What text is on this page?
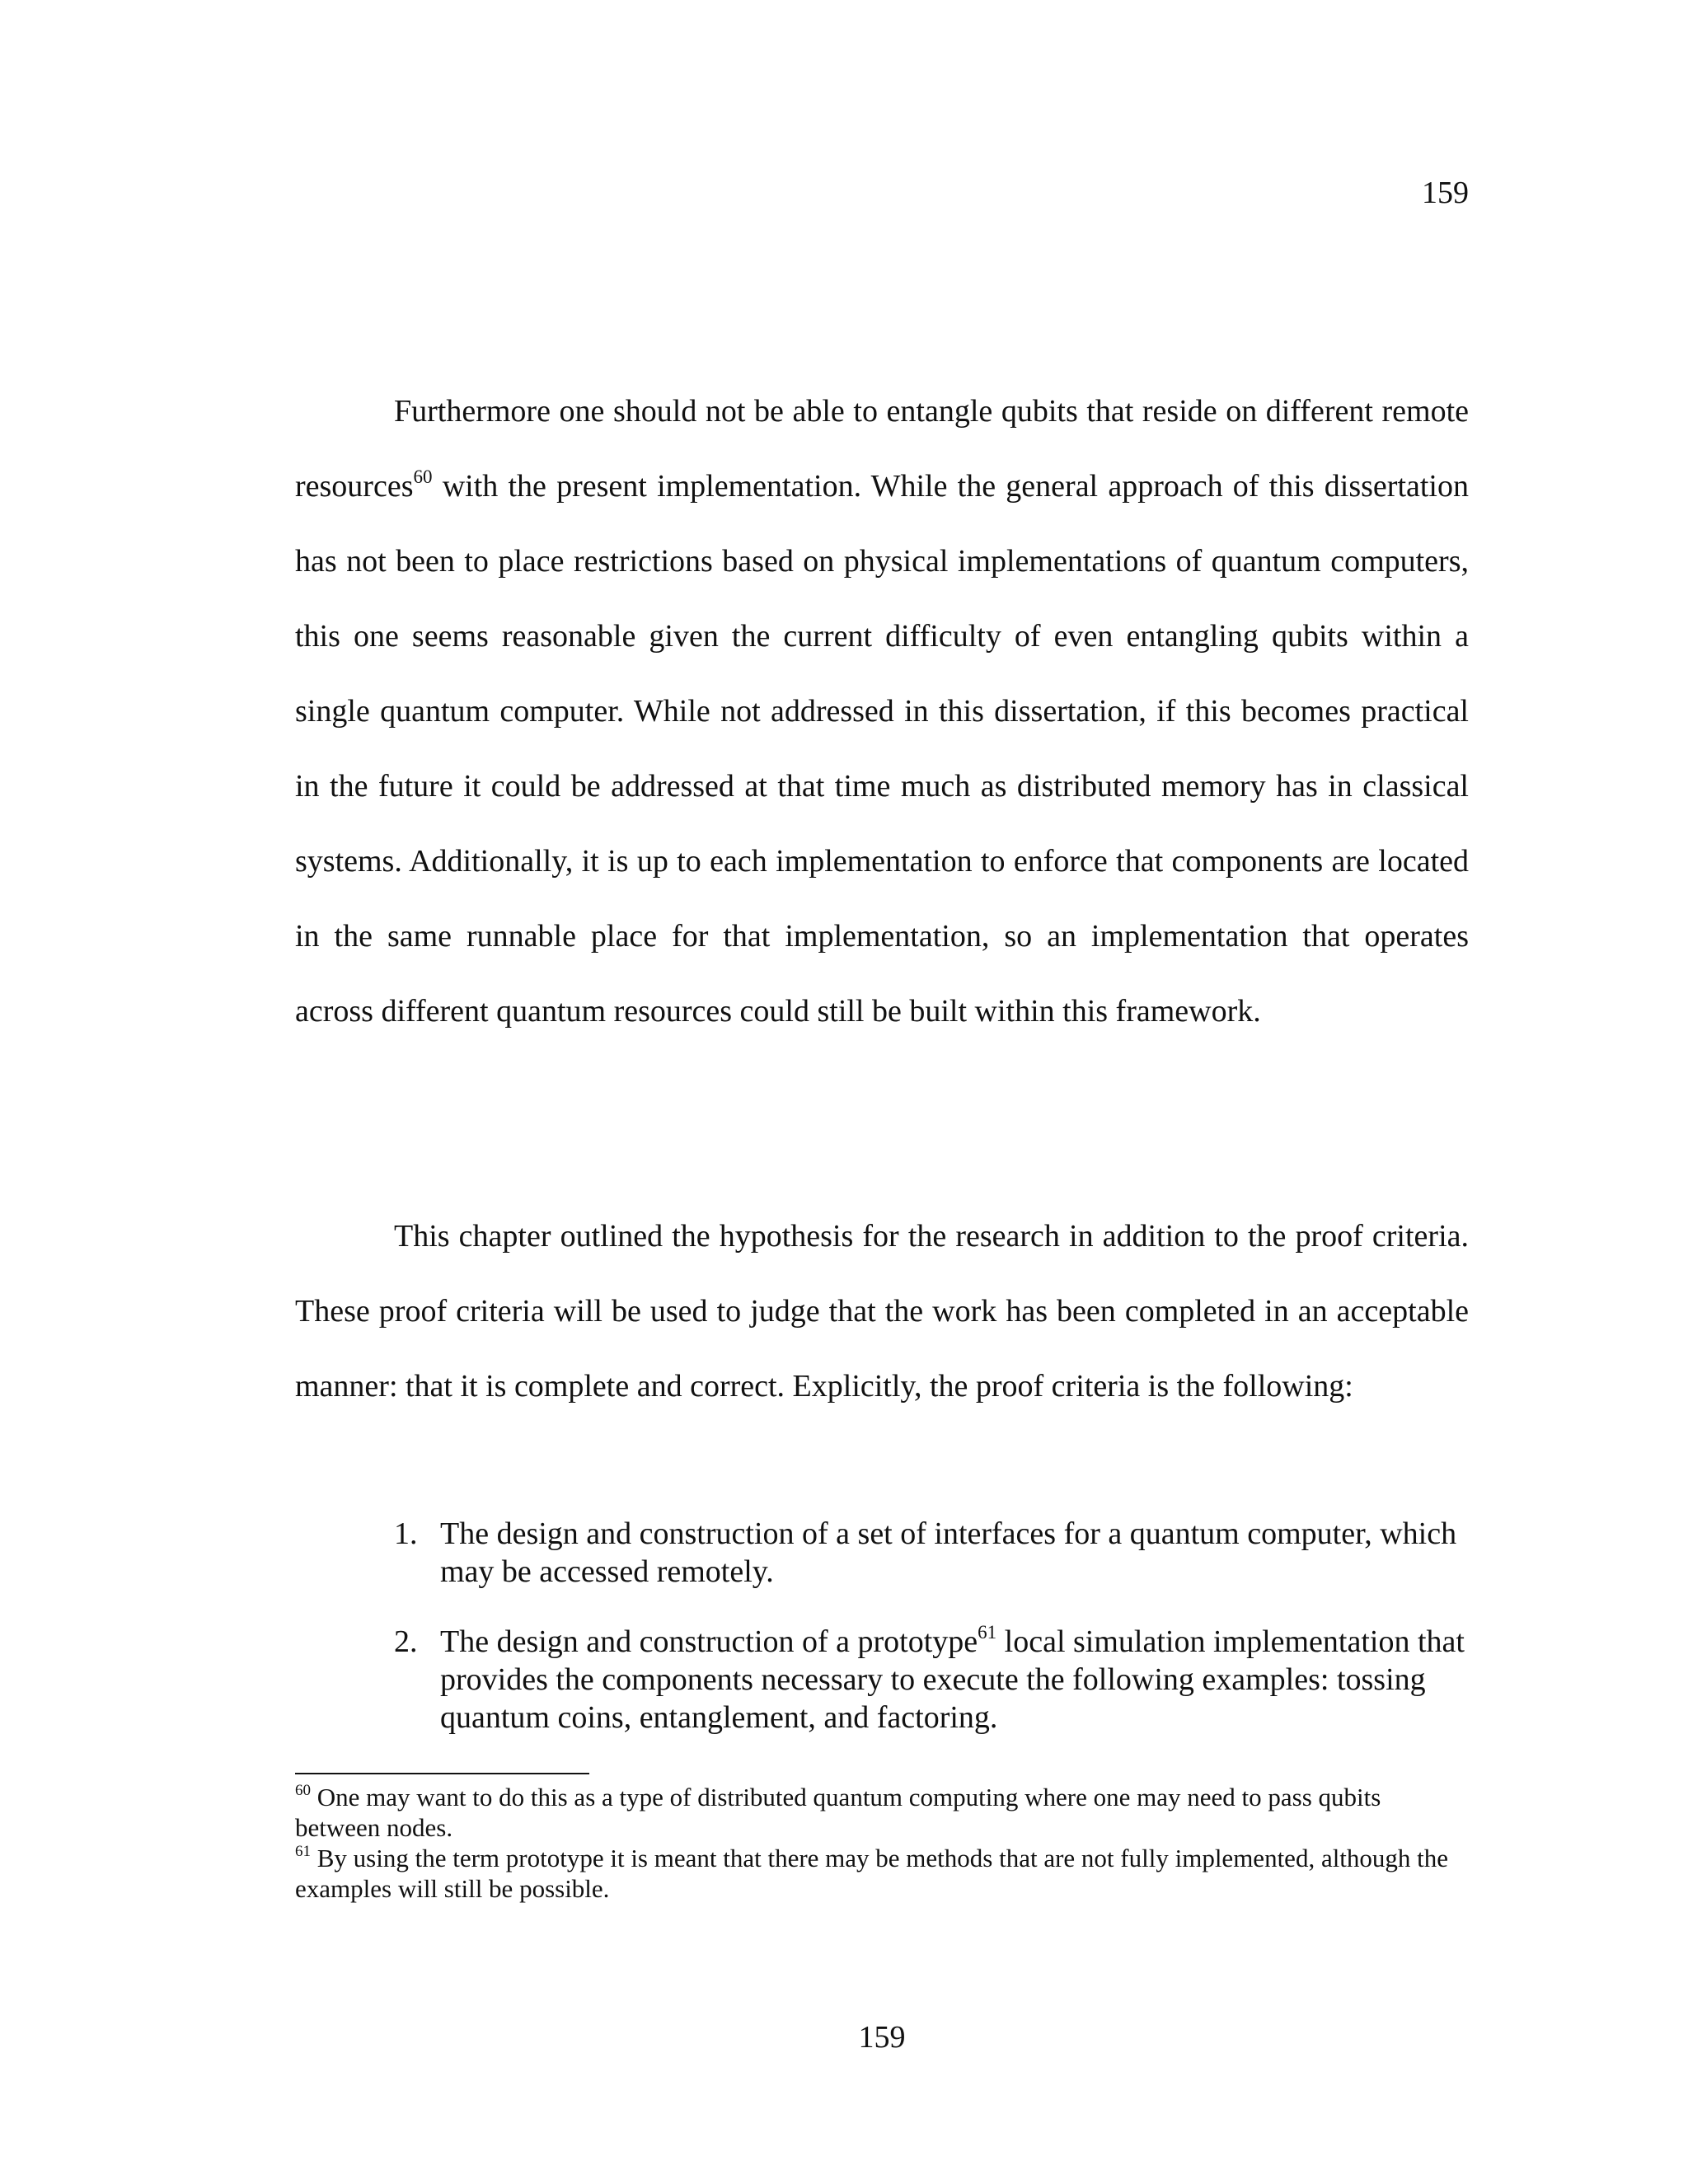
159

Furthermore one should not be able to entangle qubits that reside on different remote resources$^{60}$ with the present implementation. While the general approach of this dissertation has not been to place restrictions based on physical implementations of quantum computers, this one seems reasonable given the current difficulty of even entangling qubits within a single quantum computer. While not addressed in this dissertation, if this becomes practical in the future it could be addressed at that time much as distributed memory has in classical systems. Additionally, it is up to each implementation to enforce that components are located in the same runnable place for that implementation, so an implementation that operates across different quantum resources could still be built within this framework.

This chapter outlined the hypothesis for the research in addition to the proof criteria. These proof criteria will be used to judge that the work has been completed in an acceptable manner: that it is complete and correct. Explicitly, the proof criteria is the following:

1. The design and construction of a set of interfaces for a quantum computer, which may be accessed remotely.
2. The design and construction of a prototype$^{61}$ local simulation implementation that provides the components necessary to execute the following examples: tossing quantum coins, entanglement, and factoring.

$^{60}$ One may want to do this as a type of distributed quantum computing where one may need to pass qubits between nodes.

$^{61}$ By using the term prototype it is meant that there may be methods that are not fully implemented, although the examples will still be possible.

159
